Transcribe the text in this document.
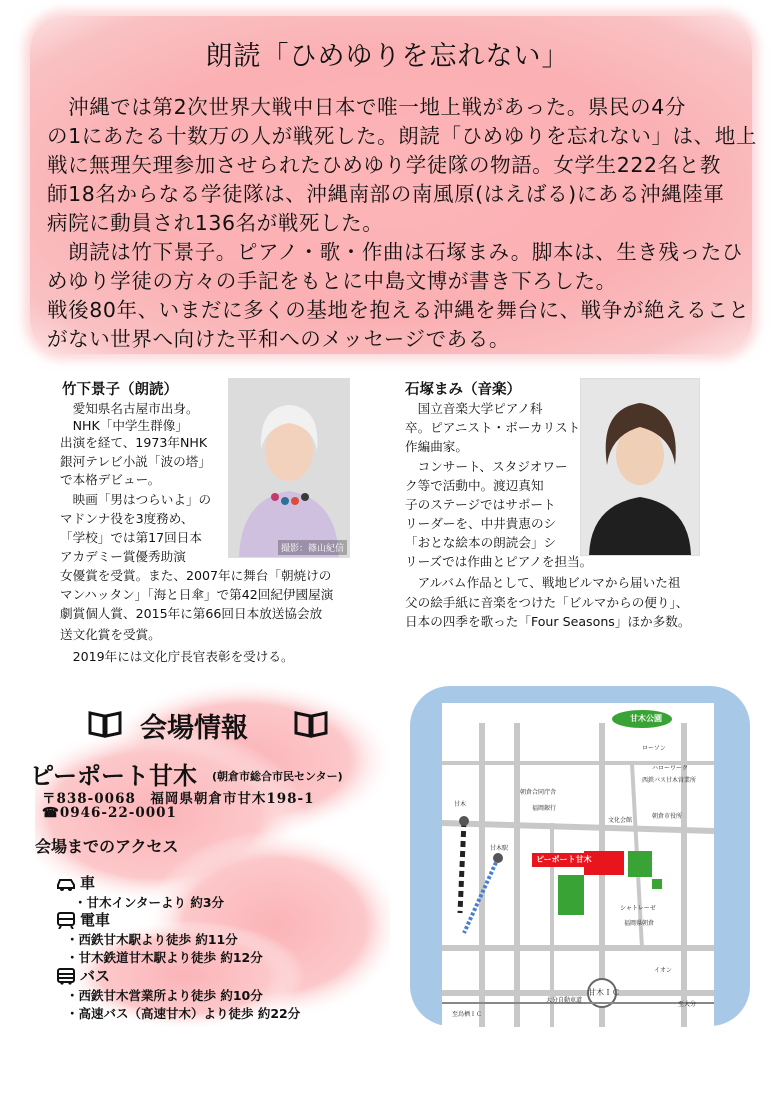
朗読「ひめゆりを忘れない」
　沖縄では第2次世界大戦中日本で唯一地上戦があった。県民の4分
の1にあたる十数万の人が戦死した。朗読「ひめゆりを忘れない」は、地上
戦に無理矢理参加させられたひめゆり学徒隊の物語。女学生222名と教
師18名からなる学徒隊は、沖縄南部の南風原(はえばる)にある沖縄陸軍
病院に動員され136名が戦死した。
　朗読は竹下景子。ピアノ・歌・作曲は石塚まみ。脚本は、生き残ったひ
めゆり学徒の方々の手記をもとに中島文博が書き下ろした。
戦後80年、いまだに多くの基地を抱える沖縄を舞台に、戦争が絶えること
がない世界へ向けた平和へのメッセージである。
竹下景子（朗読）
撮影：篠山紀信
　愛知県名古屋市出身。
　NHK「中学生群像」
出演を経て、1973年NHK
銀河テレビ小説「波の塔」
で本格デビュー。
　映画「男はつらいよ」の
マドンナ役を3度務め、
「学校」では第17回日本
アカデミー賞優秀助演
女優賞を受賞。また、2007年に舞台「朝焼けの
マンハッタン」「海と日傘」で第42回紀伊國屋演
劇賞個人賞、2015年に第66回日本放送協会放
送文化賞を受賞。
　2019年には文化庁長官表彰を受ける。
石塚まみ（音楽）
　国立音楽大学ピアノ科
卒。ピアニスト・ボーカリスト
作編曲家。
　コンサート、スタジオワー
ク等で活動中。渡辺真知
子のステージではサポート
リーダーを、中井貴恵のシ
「おとな絵本の朗読会」シ
リーズでは作曲とピアノを担当。
　アルバム作品として、戦地ビルマから届いた祖
父の絵手紙に音楽をつけた「ビルマからの便り」、
日本の四季を歌った「Four Seasons」ほか多数。
会場情報
ピーポート甘木 (朝倉市総合市民センター)
〒838-0068　福岡県朝倉市甘木198-1
☎0946-22-0001
会場までのアクセス
車
・甘木インターより 約3分
電車
・西鉄甘木駅より徒歩 約11分
・甘木鉄道甘木駅より徒歩 約12分
バス
・西鉄甘木営業所より徒歩 約10分
・高速バス（高速甘木）より徒歩 約22分
甘木公園
ピーポート甘木
甘木ＩＣ
大分自動車道
至鳥栖ＩＣ
至大分
ローソン
ハローワーク
西鉄バス甘木営業所
朝倉合同庁舎
福岡銀行
シャトレーゼ
福岡県朝倉
イオン
文化会館
朝倉市役所
甘木駅
甘木
